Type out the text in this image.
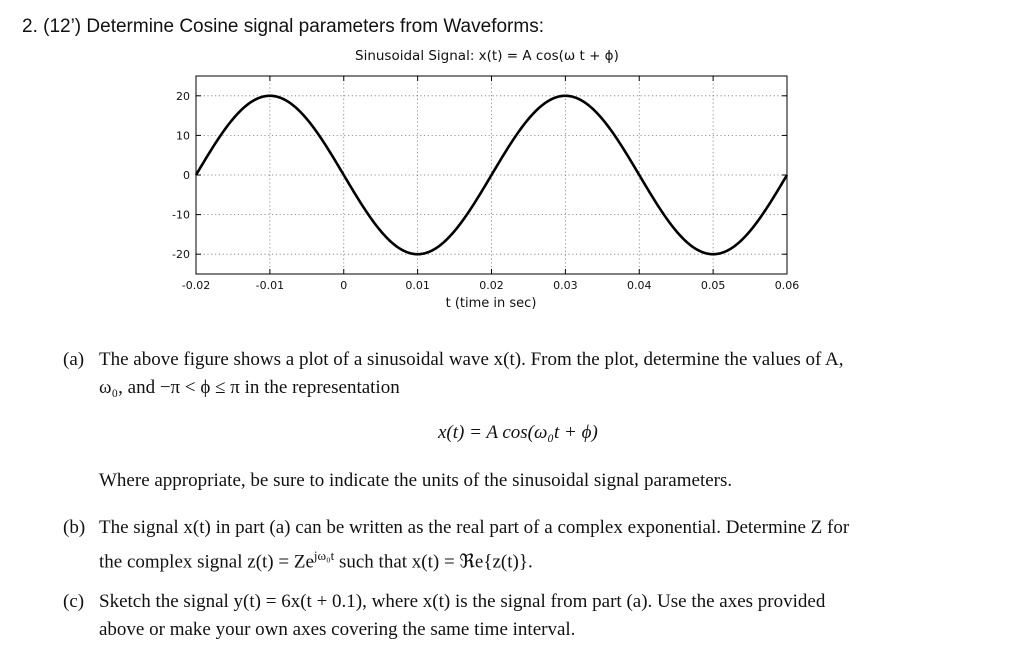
2. (12’) Determine Cosine signal parameters from Waveforms:
Sinusoidal Signal: x(t) = A cos(ω t + ϕ)
-0.02	-0.01	0	0.01	0.02	0.03	0.04	0.05	0.06
20
10
0
-10
-20
t (time in sec)
(a) The above figure shows a plot of a sinusoidal wave x(t). From the plot, determine the values of A,
ω₀, and −π < ϕ ≤ π in the representation
x(t) = A cos(ω₀t + ϕ)
Where appropriate, be sure to indicate the units of the sinusoidal signal parameters.
(b) The signal x(t) in part (a) can be written as the real part of a complex exponential. Determine Z for
the complex signal $z(t) = Ze^{j\omega_0t}$ such that x(t) = ℜe{z(t)}.
(c) Sketch the signal y(t) = 6x(t + 0.1), where x(t) is the signal from part (a). Use the axes provided
above or make your own axes covering the same time interval.
